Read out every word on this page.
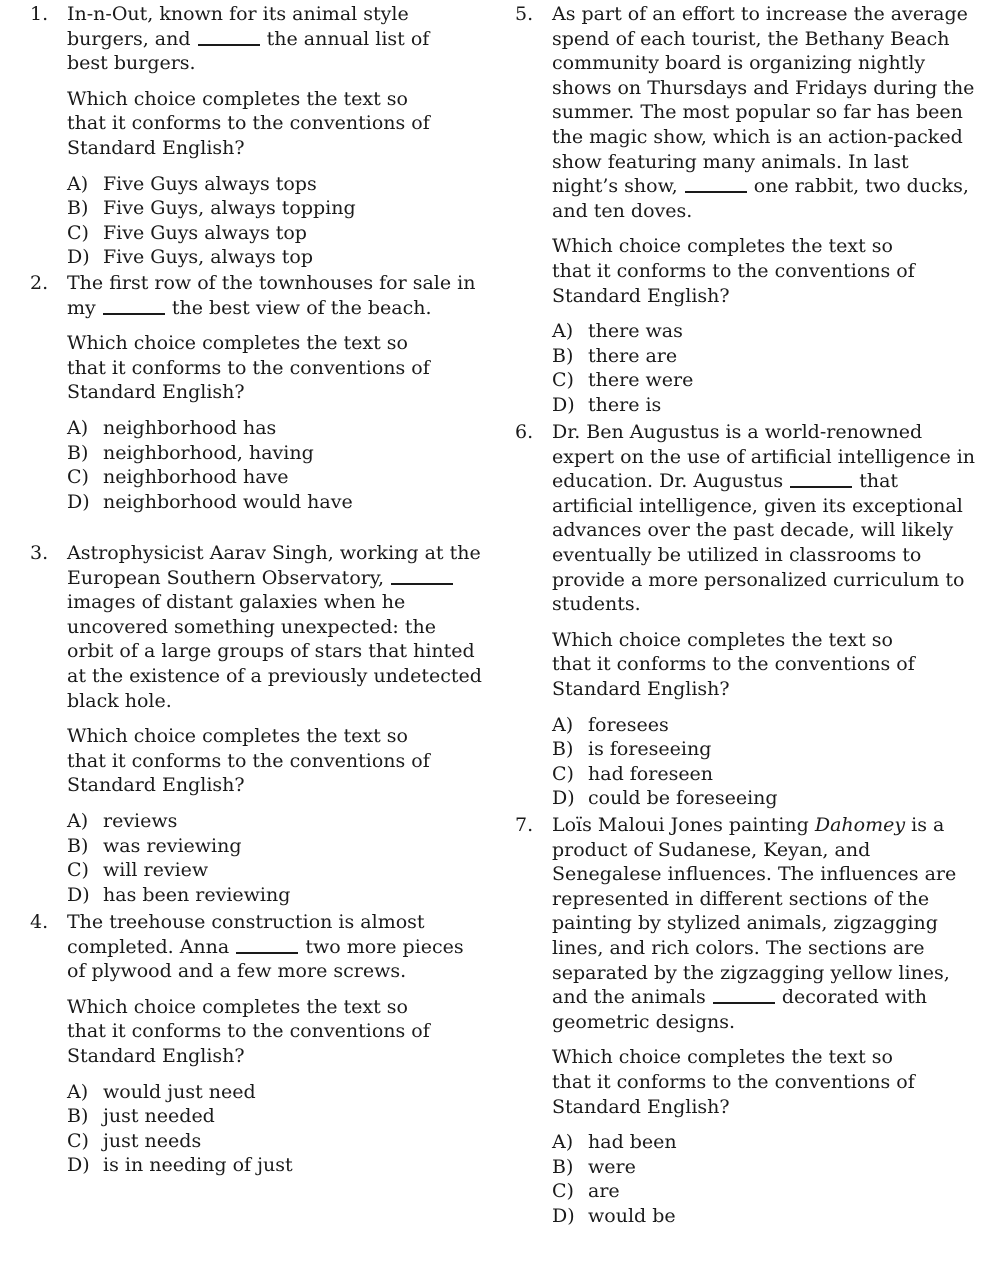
1. In-n-Out, known for its animal style burgers, and	the annual list of best burgers.

Which choice completes the text so that it conforms to the conventions of Standard English?

A) Five Guys always tops
B) Five Guys, always topping
C) Five Guys always top
D) Five Guys, always top
2. The first row of the townhouses for sale in my	the best view of the beach.

Which choice completes the text so that it conforms to the conventions of Standard English?

A) neighborhood has
B) neighborhood, having
C) neighborhood have
D) neighborhood would have
3. Astrophysicist Aarav Singh, working at the European Southern Observatory,  images of distant galaxies when he uncovered something unexpected: the orbit of a large groups of stars that hinted at the existence of a previously undetected black hole.

Which choice completes the text so that it conforms to the conventions of Standard English?

A) reviews
B) was reviewing
C) will review
D) has been reviewing
4. The treehouse construction is almost completed. Anna	two more pieces of plywood and a few more screws.

Which choice completes the text so that it conforms to the conventions of Standard English?

A) would just need
B) just needed
C) just needs
D) is in needing of just
5. As part of an effort to increase the average spend of each tourist, the Bethany Beach community board is organizing nightly shows on Thursdays and Fridays during the summer. The most popular so far has been the magic show, which is an action-packed show featuring many animals. In last night’s show,	one rabbit, two ducks, and ten doves.

Which choice completes the text so that it conforms to the conventions of Standard English?

A) there was
B) there are
C) there were
D) there is
6. Dr. Ben Augustus is a world-renowned expert on the use of artificial intelligence in education. Dr. Augustus	that artificial intelligence, given its exceptional advances over the past decade, will likely eventually be utilized in classrooms to provide a more personalized curriculum to students.

Which choice completes the text so that it conforms to the conventions of Standard English?

A) foresees
B) is foreseeing
C) had foreseen
D) could be foreseeing
7. Loïs Maloui Jones painting Dahomey is a product of Sudanese, Keyan, and Senegalese influences. The influences are represented in different sections of the painting by stylized animals, zigzagging lines, and rich colors. The sections are separated by the zigzagging yellow lines, and the animals	decorated with geometric designs.

Which choice completes the text so that it conforms to the conventions of Standard English?

A) had been
B) were
C) are
D) would be
